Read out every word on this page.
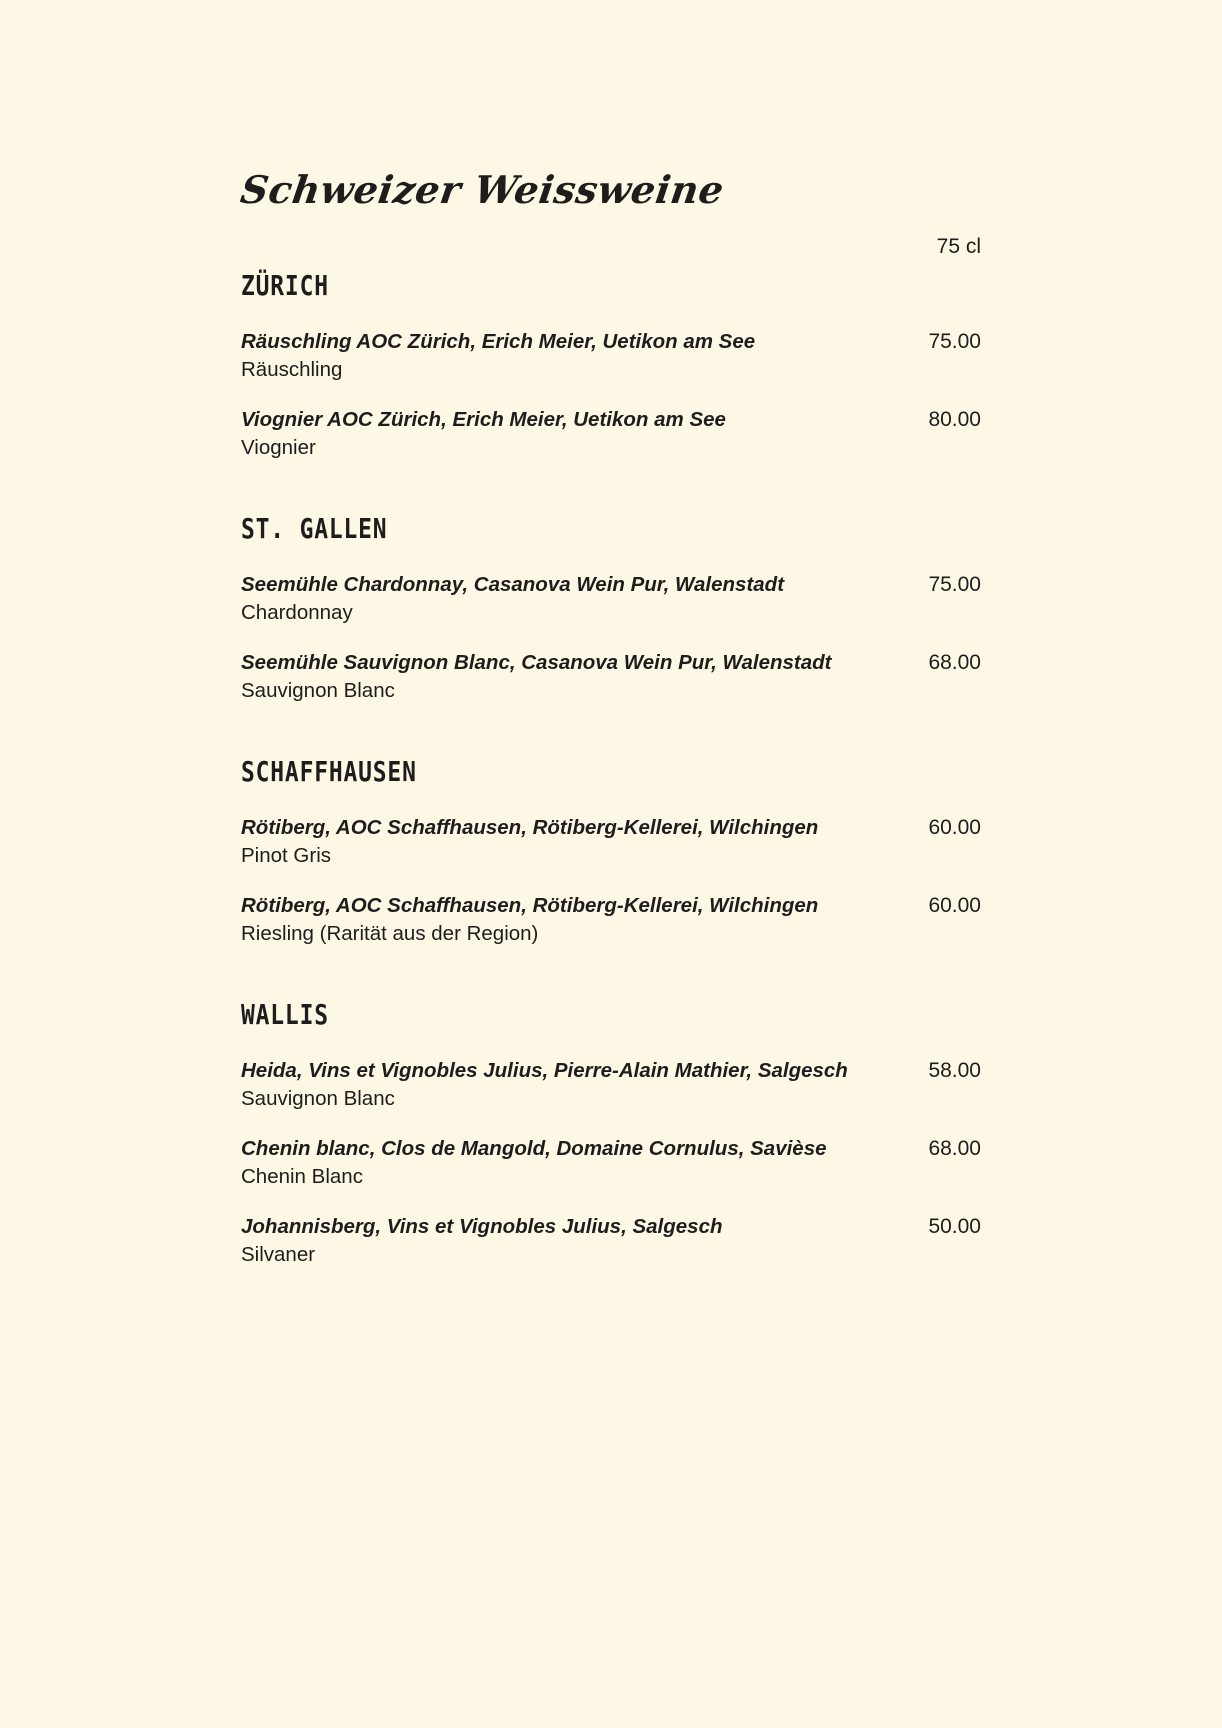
Schweizer Weissweine
75 cl
ZÜRICH
Räuschling AOC Zürich, Erich Meier, Uetikon am See
Räuschling
75.00
Viognier AOC Zürich, Erich Meier, Uetikon am See
Viognier
80.00
ST. GALLEN
Seemühle Chardonnay, Casanova Wein Pur, Walenstadt
Chardonnay
75.00
Seemühle Sauvignon Blanc, Casanova Wein Pur, Walenstadt
Sauvignon Blanc
68.00
SCHAFFHAUSEN
Rötiberg, AOC Schaffhausen, Rötiberg-Kellerei, Wilchingen
Pinot Gris
60.00
Rötiberg, AOC Schaffhausen, Rötiberg-Kellerei, Wilchingen
Riesling (Rarität aus der Region)
60.00
WALLIS
Heida, Vins et Vignobles Julius, Pierre-Alain Mathier, Salgesch
Sauvignon Blanc
58.00
Chenin blanc, Clos de Mangold, Domaine Cornulus, Savièse
Chenin Blanc
68.00
Johannisberg, Vins et Vignobles Julius, Salgesch
Silvaner
50.00
